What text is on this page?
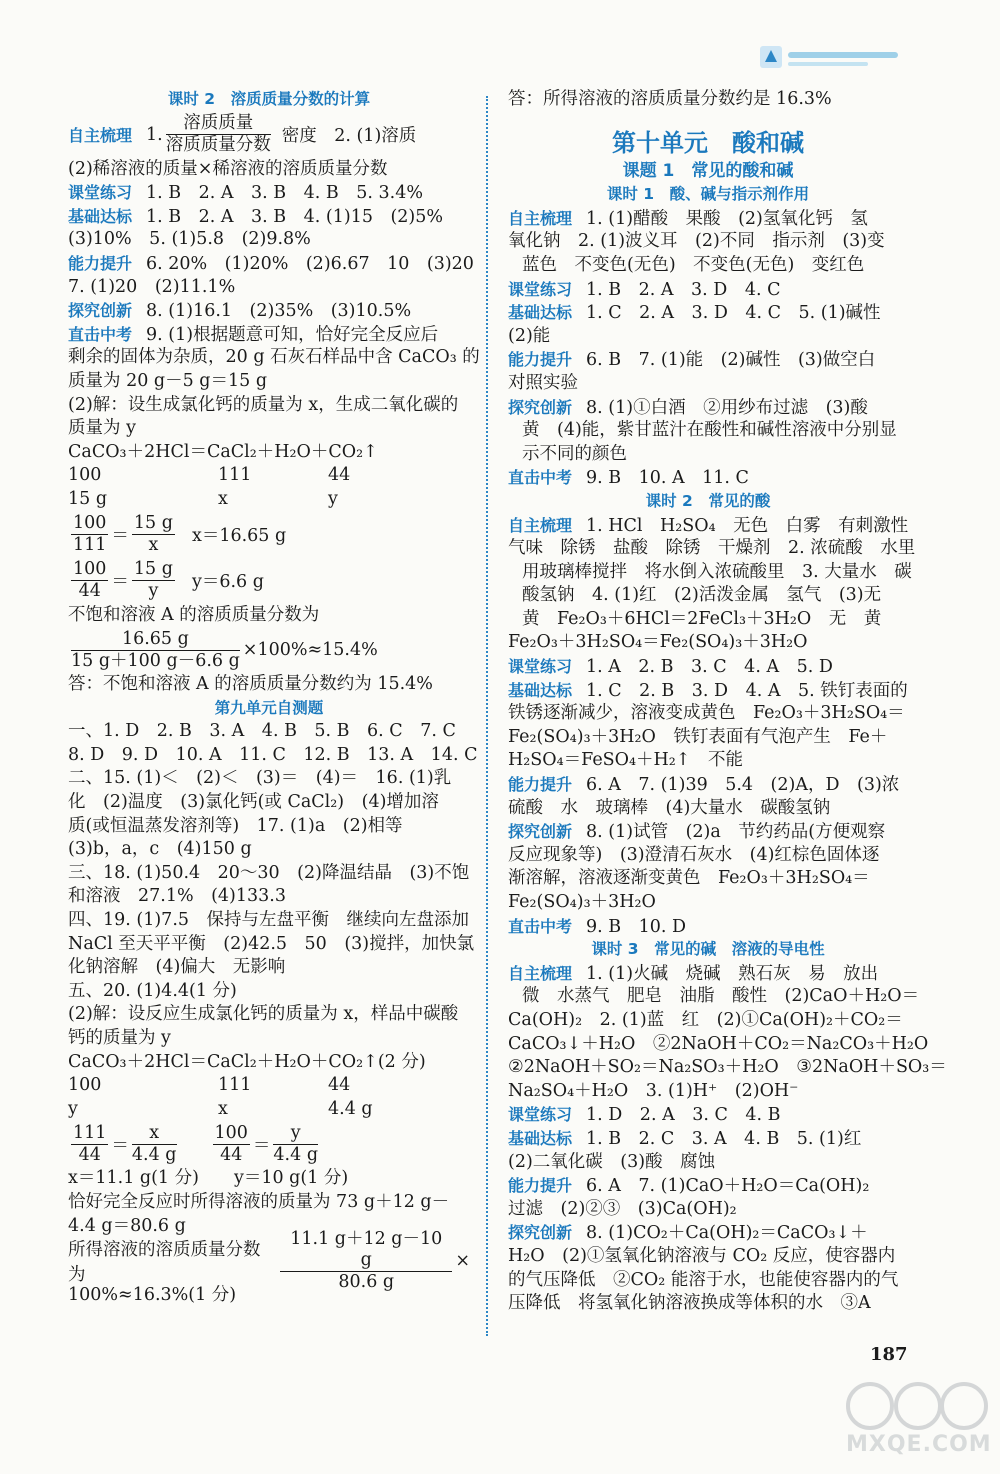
课时 2　溶质质量分数的计算
自主梳理 1. $\frac{\text{溶质质量}}{\text{溶质质量分数}}$ 密度　2. (1)溶质
(2)稀溶液的质量×稀溶液的溶质质量分数
课堂练习 1. B　2. A　3. B　4. B　5. 3.4%
基础达标 1. B　2. A　3. B　4. (1)15　(2)5%
(3)10%　5. (1)5.8　(2)9.8%
能力提升 6. 20%　(1)20%　(2)6.67　10　(3)20
7. (1)20　(2)11.1%
探究创新 8. (1)16.1　(2)35%　(3)10.5%
直击中考 9. (1)根据题意可知，恰好完全反应后
剩余的固体为杂质，20 g 石灰石样品中含 CaCO₃ 的
质量为 20 g－5 g＝15 g
(2)解：设生成氯化钙的质量为 x，生成二氧化碳的
质量为 y
CaCO₃＋2HCl＝CaCl₂＋H₂O＋CO₂↑
100	111	44
15 g	x	y
$\frac{100}{111} = \frac{15 g}{x} x=16.65$ g
$\frac{100}{44} = \frac{15 g}{y} y=6.6$ g
不饱和溶液 A 的溶质质量分数为
$\frac{16.65 g}{15 g+100 g-6.6 g} \times 100\%\approx 15.4\%$
答：不饱和溶液 A 的溶质质量分数约为 15.4%
第九单元自测题
一、1. D　2. B　3. A　4. B　5. B　6. C　7. C
8. D　9. D　10. A　11. C　12. B　13. A　14. C
二、15. (1)＜　(2)＜　(3)＝　(4)＝　16. (1)乳
化　(2)温度　(3)氯化钙(或 CaCl₂)　(4)增加溶
质(或恒温蒸发溶剂等)　17. (1)a　(2)相等
(3)b，a，c　(4)150 g
三、18. (1)50.4　20～30　(2)降温结晶　(3)不饱
和溶液　27.1%　(4)133.3
四、19. (1)7.5　保持与左盘平衡　继续向左盘添加
NaCl 至天平平衡　(2)42.5　50　(3)搅拌，加快氯
化钠溶解　(4)偏大　无影响
五、20. (1)4.4(1 分)
(2)解：设反应生成氯化钙的质量为 x，样品中碳酸
钙的质量为 y
CaCO₃＋2HCl＝CaCl₂＋H₂O＋CO₂↑(2 分)
100	111	44
y	x	4.4 g
$\frac{111}{44} = \frac{x}{4.4 g} \frac{100}{44} = \frac{y}{4.4 g}$
x＝11.1 g(1 分)　　y＝10 g(1 分)
恰好完全反应时所得溶液的质量为 73 g＋12 g－
4.4 g＝80.6 g
所得溶液的溶质质量分数为	$\frac{11.1 g+12 g-10 g}{80.6 g}$ ×
100%≈16.3%(1 分)
答：所得溶液的溶质质量分数约是 16.3%
第十单元　酸和碱
课题 1　常见的酸和碱
课时 1　酸、碱与指示剂作用
自主梳理 1. (1)醋酸　果酸　(2)氢氧化钙　氢
氧化钠　2. (1)波义耳　(2)不同　指示剂　(3)变
蓝色　不变色(无色)　不变色(无色)　变红色
课堂练习 1. B　2. A　3. D　4. C
基础达标 1. C　2. A　3. D　4. C　5. (1)碱性
(2)能
能力提升 6. B　7. (1)能　(2)碱性　(3)做空白
对照实验
探究创新 8. (1)①白酒　②用纱布过滤　(3)酸
黄　(4)能，紫甘蓝汁在酸性和碱性溶液中分别显
示不同的颜色
直击中考 9. B　10. A　11. C
课时 2　常见的酸
自主梳理 1. HCl　H₂SO₄　无色　白雾　有刺激性
气味　除锈　盐酸　除锈　干燥剂　2. 浓硫酸　水里
用玻璃棒搅拌　将水倒入浓硫酸里　3. 大量水　碳
酸氢钠　4. (1)红　(2)活泼金属　氢气　(3)无
黄　Fe₂O₃＋6HCl＝2FeCl₃＋3H₂O　无　黄
Fe₂O₃＋3H₂SO₄＝Fe₂(SO₄)₃＋3H₂O
课堂练习 1. A　2. B　3. C　4. A　5. D
基础达标 1. C　2. B　3. D　4. A　5. 铁钉表面的
铁锈逐渐减少，溶液变成黄色　Fe₂O₃＋3H₂SO₄＝
Fe₂(SO₄)₃＋3H₂O　铁钉表面有气泡产生　Fe＋
H₂SO₄＝FeSO₄＋H₂↑　不能
能力提升 6. A　7. (1)39　5.4　(2)A，D　(3)浓
硫酸　水　玻璃棒　(4)大量水　碳酸氢钠
探究创新 8. (1)试管　(2)a　节约药品(方便观察
反应现象等)　(3)澄清石灰水　(4)红棕色固体逐
渐溶解，溶液逐渐变黄色　Fe₂O₃＋3H₂SO₄＝
Fe₂(SO₄)₃＋3H₂O
直击中考 9. B　10. D
课时 3　常见的碱　溶液的导电性
自主梳理 1. (1)火碱　烧碱　熟石灰　易　放出
微　水蒸气　肥皂　油脂　酸性　(2)CaO＋H₂O＝
Ca(OH)₂　2. (1)蓝　红　(2)①Ca(OH)₂＋CO₂＝
CaCO₃↓＋H₂O　②2NaOH＋CO₂＝Na₂CO₃＋H₂O
②2NaOH＋SO₂＝Na₂SO₃＋H₂O　③2NaOH＋SO₃＝
Na₂SO₄＋H₂O　3. (1)H⁺　(2)OH⁻
课堂练习 1. D　2. A　3. C　4. B
基础达标 1. B　2. C　3. A　4. B　5. (1)红
(2)二氧化碳　(3)酸　腐蚀
能力提升 6. A　7. (1)CaO＋H₂O＝Ca(OH)₂
过滤　(2)②③　(3)Ca(OH)₂
探究创新 8. (1)CO₂＋Ca(OH)₂＝CaCO₃↓＋
H₂O　(2)①氢氧化钠溶液与 CO₂ 反应，使容器内
的气压降低　②CO₂ 能溶于水，也能使容器内的气
压降低　将氢氧化钠溶液换成等体积的水　③A
187
MXQE.COM
